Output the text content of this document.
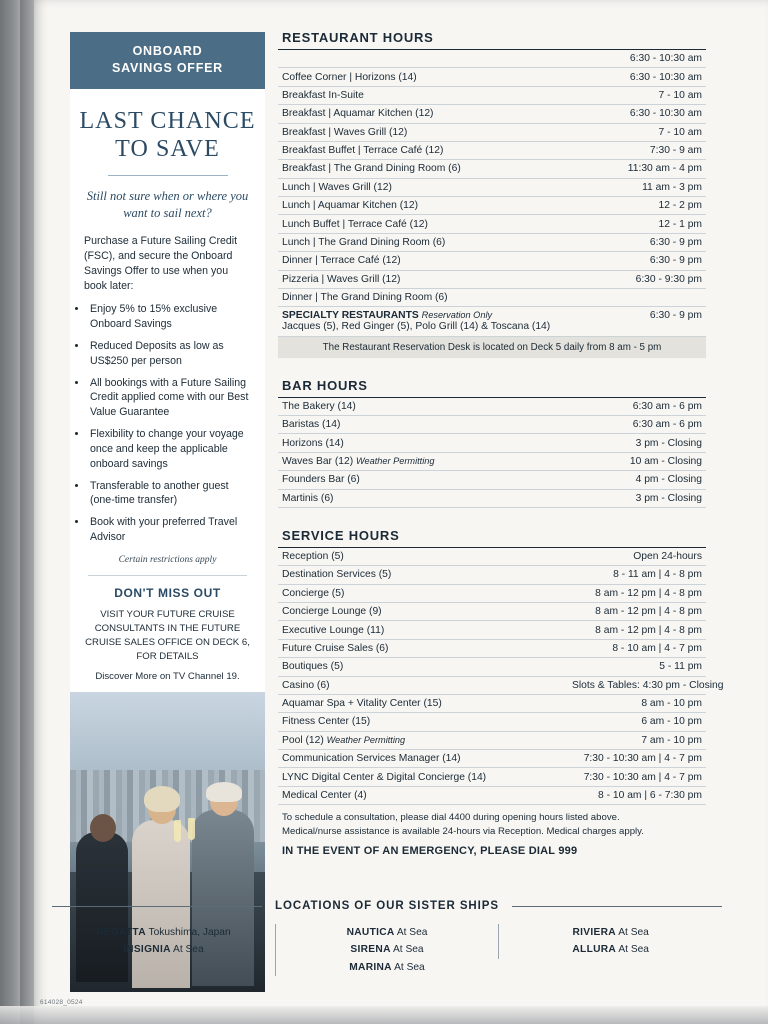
ONBOARD
SAVINGS OFFER
LAST CHANCE
TO SAVE
Still not sure when or where you want to sail next?
Purchase a Future Sailing Credit (FSC), and secure the Onboard Savings Offer to use when you book later:
• Enjoy 5% to 15% exclusive Onboard Savings
• Reduced Deposits as low as US$250 per person
• All bookings with a Future Sailing Credit applied come with our Best Value Guarantee
• Flexibility to change your voyage once and keep the applicable onboard savings
• Transferable to another guest (one-time transfer)
• Book with your preferred Travel Advisor
Certain restrictions apply
DON'T MISS OUT
VISIT YOUR FUTURE CRUISE CONSULTANTS IN THE FUTURE CRUISE SALES OFFICE ON DECK 6, FOR DETAILS
Discover More on TV Channel 19.
RESTAURANT HOURS
	6:30 - 10:30 am
Coffee Corner | Horizons (14)	6:30 - 10:30 am
Breakfast In-Suite	7 - 10 am
Breakfast | Aquamar Kitchen (12)	6:30 - 10:30 am
Breakfast | Waves Grill (12)	7 - 10 am
Breakfast Buffet | Terrace Café (12)	7:30 - 9 am
Breakfast | The Grand Dining Room (6)	11:30 am - 4 pm
Lunch | Waves Grill (12)	11 am - 3 pm
Lunch | Aquamar Kitchen (12)	12 - 2 pm
Lunch Buffet | Terrace Café (12)	12 - 1 pm
Lunch | The Grand Dining Room (6)	6:30 - 9 pm
Dinner | Terrace Café (12)	6:30 - 9 pm
Pizzeria | Waves Grill (12)	6:30 - 9:30 pm
Dinner | The Grand Dining Room (6)	
SPECIALTY RESTAURANTS Reservation Only
Jacques (5), Red Ginger (5), Polo Grill (14) & Toscana (14)
	6:30 - 9 pm
The Restaurant Reservation Desk is located on Deck 5 daily from 8 am - 5 pm
BAR HOURS
The Bakery (14)	6:30 am - 6 pm
Baristas (14)	6:30 am - 6 pm
Horizons (14)	3 pm - Closing
Waves Bar (12) Weather Permitting	10 am - Closing
Founders Bar (6)	4 pm - Closing
Martinis (6)	3 pm - Closing
SERVICE HOURS
Reception (5)	Open 24-hours
Destination Services (5)	8 - 11 am | 4 - 8 pm
Concierge (5)	8 am - 12 pm | 4 - 8 pm
Concierge Lounge (9)	8 am - 12 pm | 4 - 8 pm
Executive Lounge (11)	8 am - 12 pm | 4 - 8 pm
Future Cruise Sales (6)	8 - 10 am | 4 - 7 pm
Boutiques (5)	5 - 11 pm
Casino (6)	Slots & Tables: 4:30 pm - Closing
Aquamar Spa + Vitality Center (15)	8 am - 10 pm
Fitness Center (15)	6 am - 10 pm
Pool (12) Weather Permitting	7 am - 10 pm
Communication Services Manager (14)	7:30 - 10:30 am | 4 - 7 pm
LYNC Digital Center & Digital Concierge (14)	7:30 - 10:30 am | 4 - 7 pm
Medical Center (4)	8 - 10 am | 6 - 7:30 pm
To schedule a consultation, please dial 4400 during opening hours listed above.
Medical/nurse assistance is available 24-hours via Reception. Medical charges apply.
IN THE EVENT OF AN EMERGENCY, PLEASE DIAL 999
LOCATIONS OF OUR SISTER SHIPS
REGATTA Tokushima, Japan
INSIGNIA At Sea
NAUTICA At Sea
SIRENA At Sea
MARINA At Sea
RIVIERA At Sea
ALLURA At Sea
614028_0524
